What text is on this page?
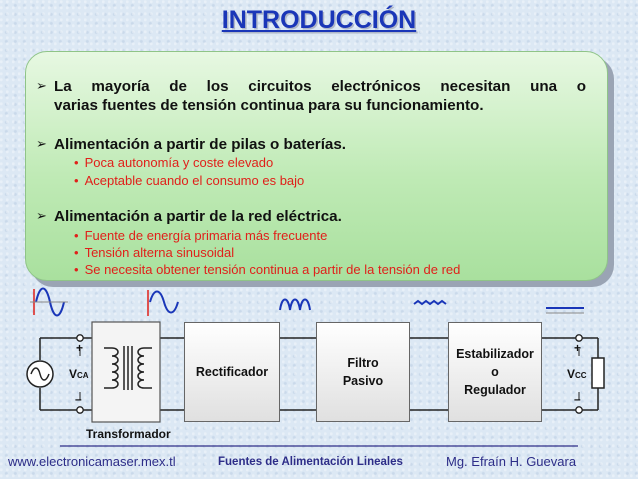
INTRODUCCIÓN
➢ La mayoría de los circuitos electrónicos necesitan una o
varias fuentes de tensión continua para su funcionamiento.
➢ Alimentación a partir de pilas o baterías.
• Poca autonomía y coste elevado
• Aceptable cuando el consumo es bajo
➢ Alimentación a partir de la red eléctrica.
• Fuente de energía primaria más frecuente
• Tensión alterna sinusoidal
• Se necesita obtener tensión continua a partir de la tensión de red
Rectificador
Filtro
Pasivo
Estabilizador
o
Regulador
+
–
+
–
VCA	VCC
Transformador
www.electronicamaser.mex.tl	Fuentes de Alimentación Lineales	Mg. Efraín H. Guevara
